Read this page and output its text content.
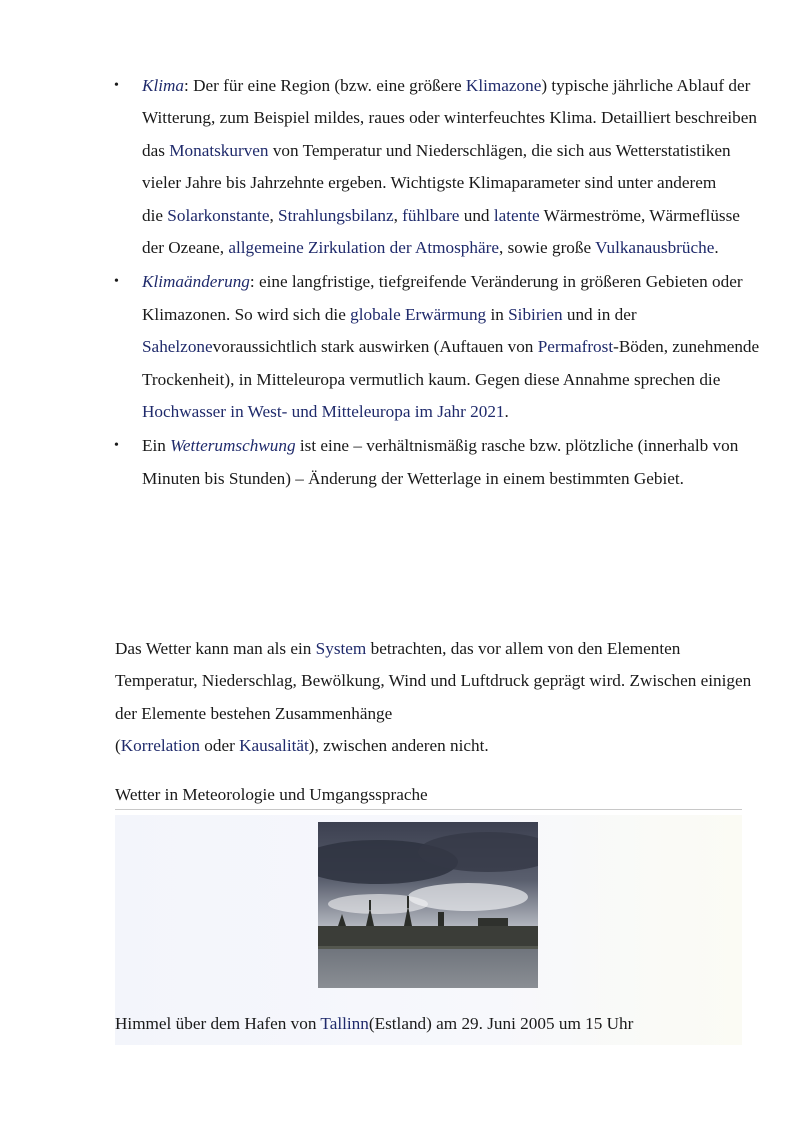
• Klima: Der für eine Region (bzw. eine größere Klimazone) typische jährliche Ablauf der Witterung, zum Beispiel mildes, raues oder winterfeuchtes Klima. Detailliert beschreiben das Monatskurven von Temperatur und Niederschlägen, die sich aus Wetterstatistiken vieler Jahre bis Jahrzehnte ergeben. Wichtigste Klimaparameter sind unter anderem
die Solarkonstante, Strahlungsbilanz, fühlbare und latente Wärmeströme, Wärmeflüsse der Ozeane, allgemeine Zirkulation der Atmosphäre, sowie große Vulkanausbrüche.
• Klimaänderung: eine langfristige, tiefgreifende Veränderung in größeren Gebieten oder Klimazonen. So wird sich die globale Erwärmung in Sibirien und in der Sahelzonevoraussichtlich stark auswirken (Auftauen von Permafrost-Böden, zunehmende Trockenheit), in Mitteleuropa vermutlich kaum. Gegen diese Annahme sprechen die Hochwasser in West- und Mitteleuropa im Jahr 2021.
• Ein Wetterumschwung ist eine – verhältnismäßig rasche bzw. plötzliche (innerhalb von Minuten bis Stunden) – Änderung der Wetterlage in einem bestimmten Gebiet.

Das Wetter kann man als ein System betrachten, das vor allem von den Elementen Temperatur, Niederschlag, Bewölkung, Wind und Luftdruck geprägt wird. Zwischen einigen der Elemente bestehen Zusammenhänge
(Korrelation oder Kausalität), zwischen anderen nicht.

Wetter in Meteorologie und Umgangssprache
Himmel über dem Hafen von Tallinn(Estland) am 29. Juni 2005 um 15 Uhr
